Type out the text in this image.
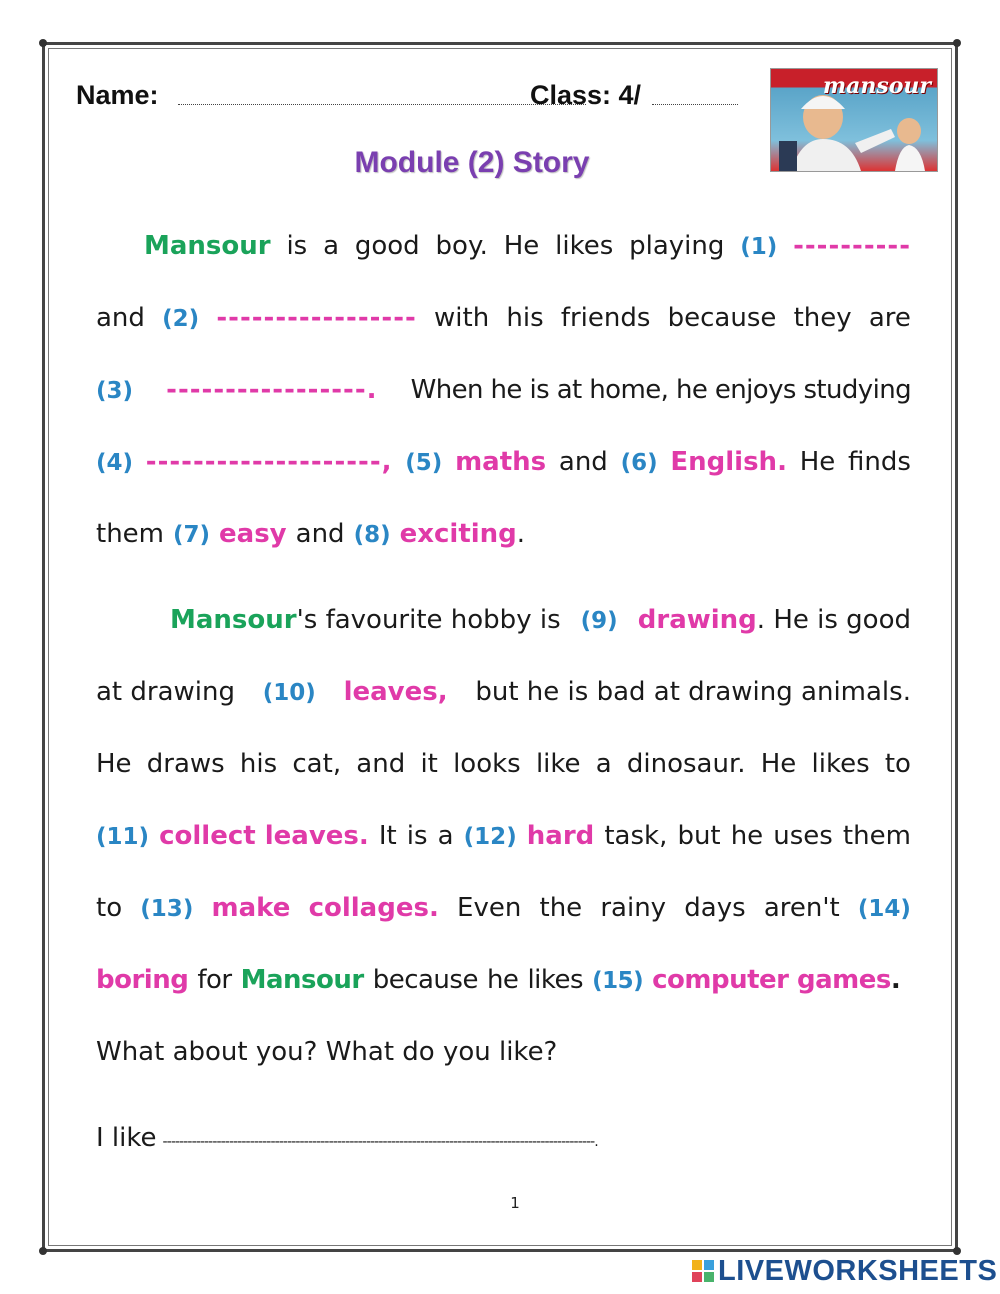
Name:	Class: 4/	mansour
Module (2) Story
Mansour is a good boy. He likes playing (1) ----------
and (2) ----------------- with his friends because they are
(3) -----------------. When he is at home, he enjoys studying
(4) --------------------, (5) maths and (6) English. He finds
them (7) easy and (8) exciting .
Mansour's favourite hobby is (9) drawing. He is good
at drawing (10) leaves, but he is bad at drawing animals.
He draws his cat, and it looks like a dinosaur. He likes to
(11) collect leaves. It is a (12) hard task, but he uses them
to (13) make collages. Even the rainy days aren't (14)
boring for Mansour because he likes (15) computer games .
What about you? What do you like?
I like --------------------------------------------------------------------------------------------------------.
1
LIVEWORKSHEETS
